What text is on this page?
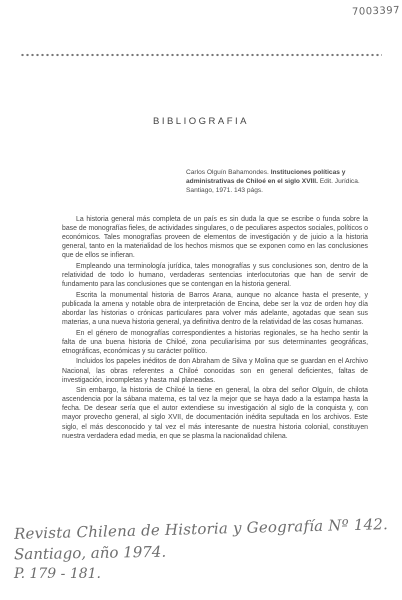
7003397
BIBLIOGRAFIA
Carlos Olguín Bahamondes. Instituciones políticas y administrativas de Chiloé en el siglo XVIII. Edit. Jurídica. Santiago, 1971. 143 págs.

La historia general más completa de un país es sin duda la que se escribe o funda sobre la base de monografías fieles, de actividades singulares, o de peculiares aspectos sociales, políticos o económicos. Tales monografías proveen de elementos de investigación y de juicio a la historia general, tanto en la materialidad de los hechos mismos que se exponen como en las conclusiones que de ellos se infieran.

Empleando una terminología jurídica, tales monografías y sus conclusiones son, dentro de la relatividad de todo lo humano, verdaderas sentencias interlocutorias que han de servir de fundamento para las conclusiones que se contengan en la historia general.

Escrita la monumental historia de Barros Arana, aunque no alcance hasta el presente, y publicada la amena y notable obra de interpretación de Encina, debe ser la voz de orden hoy día abordar las historias o crónicas particulares para volver más adelante, agotadas que sean sus materias, a una nueva historia general, ya definitiva dentro de la relatividad de las cosas humanas.

En el género de monografías correspondientes a historias regionales, se ha hecho sentir la falta de una buena historia de Chiloé, zona peculiarísima por sus determinantes geográficas, etnográficas, económicas y su carácter político.

Incluidos los papeles inéditos de don Abraham de Silva y Molina que se guardan en el Archivo Nacional, las obras referentes a Chiloé conocidas son en general deficientes, faltas de investigación, incompletas y hasta mal planeadas.

Sin embargo, la historia de Chiloé la tiene en general, la obra del señor Olguín, de chilota ascendencia por la sábana materna, es tal vez la mejor que se haya dado a la estampa hasta la fecha. De desear sería que el autor extendiese su investigación al siglo de la conquista y, con mayor provecho general, al siglo XVII, de documentación inédita sepultada en los archivos. Este siglo, el más desconocido y tal vez el más interesante de nuestra historia colonial, constituyen nuestra verdadera edad media, en que se plasma la nacionalidad chilena.

Revista Chilena de Historia y Geografía Nº 142.
Santiago, año 1974.
P. 179 - 181.
